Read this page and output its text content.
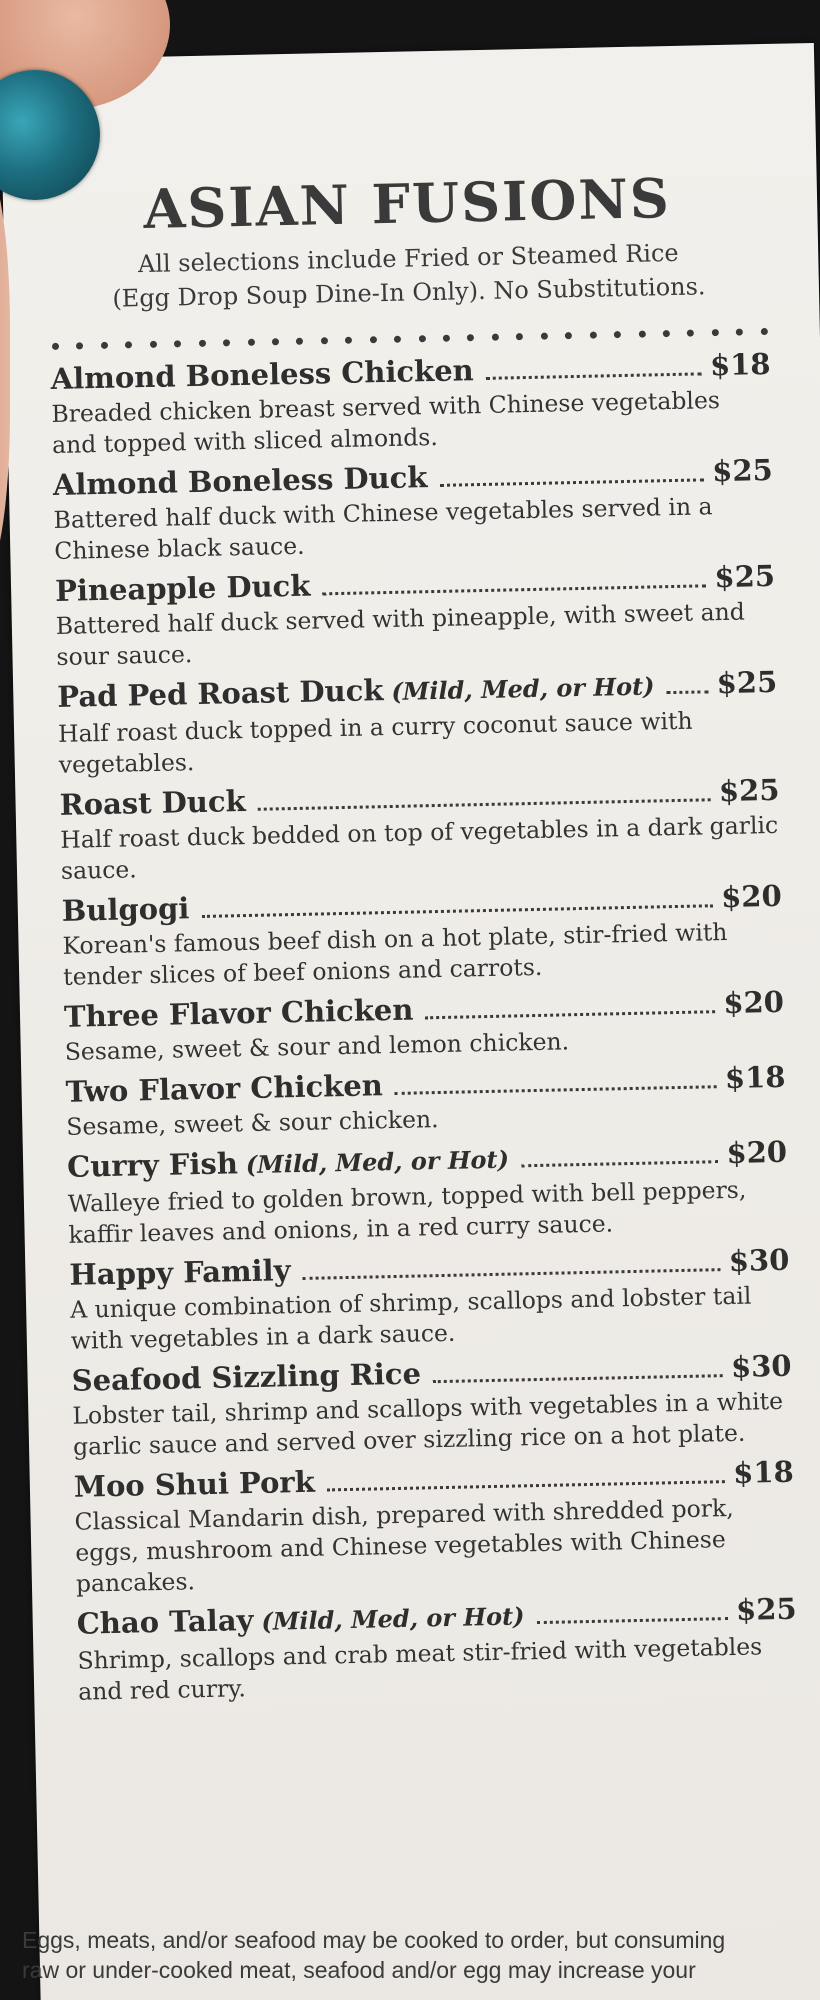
ASIAN FUSIONS

All selections include Fried or Steamed Rice
(Egg Drop Soup Dine-In Only). No Substitutions.

Almond Boneless Chicken	$18

Breaded chicken breast served with Chinese vegetables and topped with sliced almonds.

Almond Boneless Duck	$25

Battered half duck with Chinese vegetables served in a Chinese black sauce.

Pineapple Duck	$25

Battered half duck served with pineapple, with sweet and sour sauce.

Pad Ped Roast Duck (Mild, Med, or Hot) $25

Half roast duck topped in a curry coconut sauce with vegetables.

Roast Duck	$25

Half roast duck bedded on top of vegetables in a dark garlic sauce.

Bulgogi	$20

Korean's famous beef dish on a hot plate, stir-fried with tender slices of beef onions and carrots.

Three Flavor Chicken	$20

Sesame, sweet & sour and lemon chicken.

Two Flavor Chicken	$18

Sesame, sweet & sour chicken.

Curry Fish (Mild, Med, or Hot)	$20

Walleye fried to golden brown, topped with bell peppers, kaffir leaves and onions, in a red curry sauce.

Happy Family	$30

A unique combination of shrimp, scallops and lobster tail with vegetables in a dark sauce.

Seafood Sizzling Rice	$30

Lobster tail, shrimp and scallops with vegetables in a white garlic sauce and served over sizzling rice on a hot plate.

Moo Shui Pork	$18

Classical Mandarin dish, prepared with shredded pork, eggs, mushroom and Chinese vegetables with Chinese pancakes.

Chao Talay (Mild, Med, or Hot)	$25

Shrimp, scallops and crab meat stir-fried with vegetables and red curry.

Eggs, meats, and/or seafood may be cooked to order, but consuming
raw or under-cooked meat, seafood and/or egg may increase your
